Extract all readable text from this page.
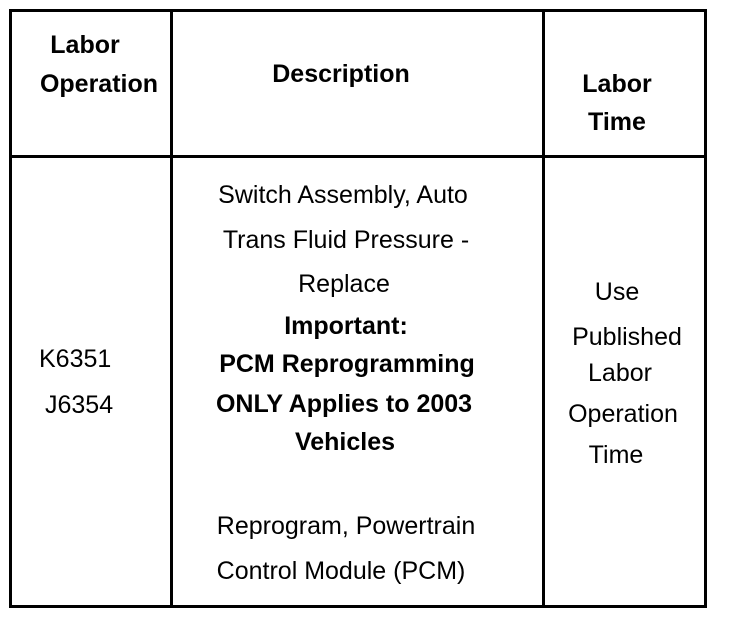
Labor
Operation	Description	Labor
Time
K6351
J6354
Switch Assembly, Auto
Trans Fluid Pressure -
Replace
Important:
PCM Reprogramming
ONLY Applies to 2003
Vehicles
Reprogram, Powertrain
Control Module (PCM)
Use
Published
Labor
Operation
Time
